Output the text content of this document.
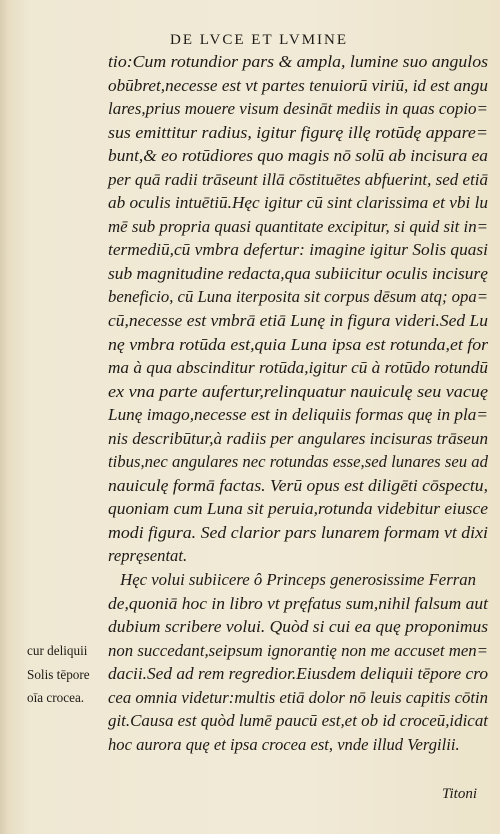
DE LVCE ET LVMINE
tio:Cum rotundior pars & ampla, lumine suo angulos
obūbret,necesse est vt partes tenuiorū viriū, id est angu
lares,prius mouere visum desināt mediis in quas copio=
sus emittitur radius, igitur figurę illę rotūdę appare=
bunt,& eo rotūdiores quo magis nō solū ab incisura ea
per quā radii trāseunt illā cōstituētes abfuerint, sed etiā
ab oculis intuētiū.Hęc igitur cū sint clarissima et vbi lu
mē sub propria quasi quantitate excipitur, si quid sit in=
termediū,cū vmbra defertur: imagine igitur Solis quasi
sub magnitudine redacta,qua subiicitur oculis incisurę
beneficio, cū Luna iterposita sit corpus dēsum atq; opa=
cū,necesse est vmbrā etiā Lunę in figura videri.Sed Lu
nę vmbra rotūda est,quia Luna ipsa est rotunda,et for
ma à qua abscinditur rotūda,igitur cū à rotūdo rotundū
ex vna parte aufertur,relinquatur nauiculę seu vacuę
Lunę imago,necesse est in deliquiis formas quę in pla=
nis describūtur,à radiis per angulares incisuras trāseun
tibus,nec angulares nec rotundas esse,sed lunares seu ad
nauiculę formā factas. Verū opus est diligēti cōspectu,
quoniam cum Luna sit peruia,rotunda videbitur eiusce
modi figura. Sed clarior pars lunarem formam vt dixi
repręsentat.
Hęc volui subiicere ô Princeps generosissime Ferran
de,quoniā hoc in libro vt pręfatus sum,nihil falsum aut
dubium scribere volui. Quòd si cui ea quę proponimus
non succedant,seipsum ignorantię non me accuset men=
dacii.Sed ad rem regredior.Eiusdem deliquii tēpore cro
cea omnia videtur:multis etiā dolor nō leuis capitis cōtin
git.Causa est quòd lumē paucū est,et ob id croceū,idicat
hoc aurora quę et ipsa crocea est, vnde illud Vergilii.
cur deliquii
Solis tēpore
oīa crocea.
Titoni
